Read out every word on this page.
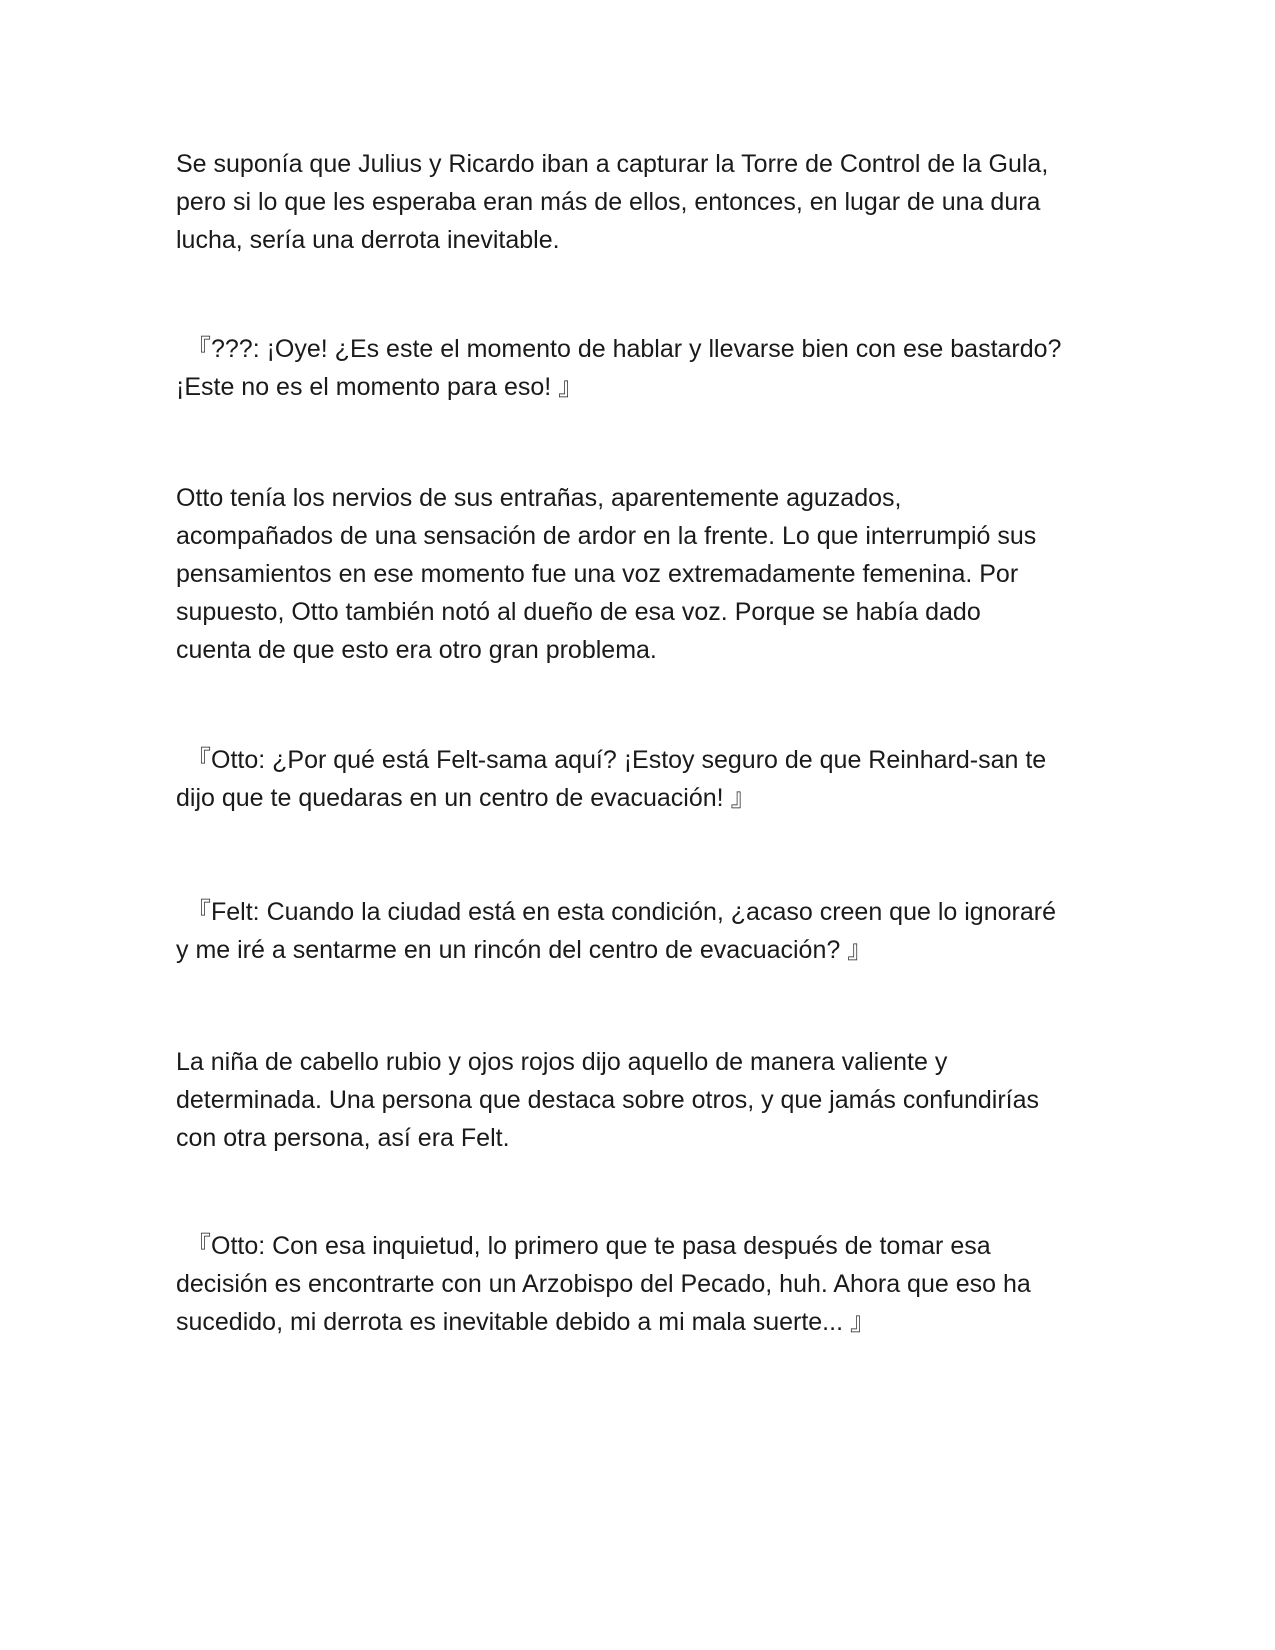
Se suponía que Julius y Ricardo iban a capturar la Torre de Control de la Gula,
pero si lo que les esperaba eran más de ellos, entonces, en lugar de una dura
lucha, sería una derrota inevitable.

『???: ¡Oye! ¿Es este el momento de hablar y llevarse bien con ese bastardo?
¡Este no es el momento para eso! 』

Otto tenía los nervios de sus entrañas, aparentemente aguzados,
acompañados de una sensación de ardor en la frente. Lo que interrumpió sus
pensamientos en ese momento fue una voz extremadamente femenina. Por
supuesto, Otto también notó al dueño de esa voz. Porque se había dado
cuenta de que esto era otro gran problema.

『Otto: ¿Por qué está Felt-sama aquí? ¡Estoy seguro de que Reinhard-san te
dijo que te quedaras en un centro de evacuación! 』

『Felt: Cuando la ciudad está en esta condición, ¿acaso creen que lo ignoraré
y me iré a sentarme en un rincón del centro de evacuación? 』

La niña de cabello rubio y ojos rojos dijo aquello de manera valiente y
determinada. Una persona que destaca sobre otros, y que jamás confundirías
con otra persona, así era Felt.

『Otto: Con esa inquietud, lo primero que te pasa después de tomar esa
decisión es encontrarte con un Arzobispo del Pecado, huh. Ahora que eso ha
sucedido, mi derrota es inevitable debido a mi mala suerte... 』
